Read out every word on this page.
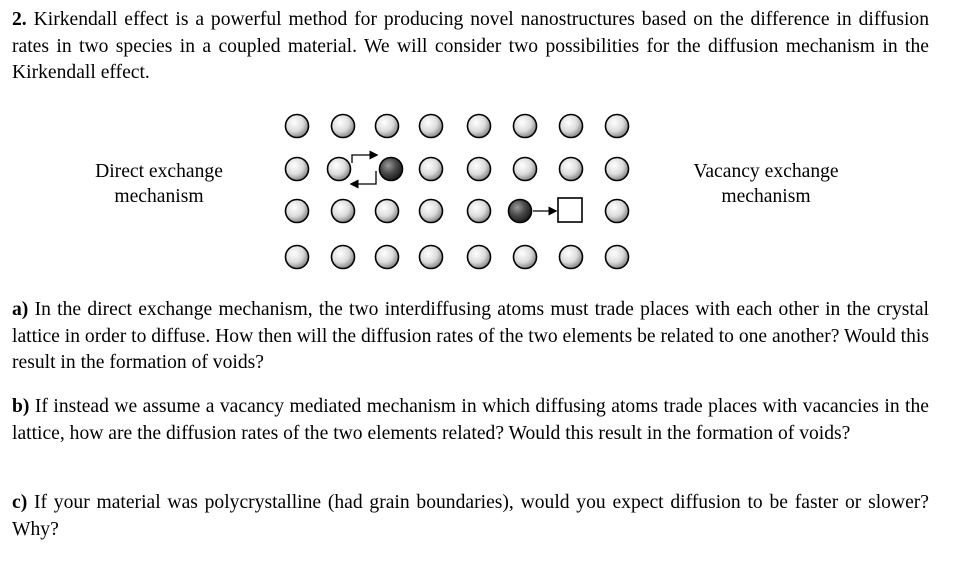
2. Kirkendall effect is a powerful method for producing novel nanostructures based on the difference in diffusion rates in two species in a coupled material. We will consider two possibilities for the diffusion mechanism in the Kirkendall effect.

Direct exchange
mechanism
Vacancy exchange
mechanism

a) In the direct exchange mechanism, the two interdiffusing atoms must trade places with each other in the crystal lattice in order to diffuse. How then will the diffusion rates of the two elements be related to one another? Would this result in the formation of voids?

b) If instead we assume a vacancy mediated mechanism in which diffusing atoms trade places with vacancies in the lattice, how are the diffusion rates of the two elements related? Would this result in the formation of voids?

c) If your material was polycrystalline (had grain boundaries), would you expect diffusion to be faster or slower? Why?
